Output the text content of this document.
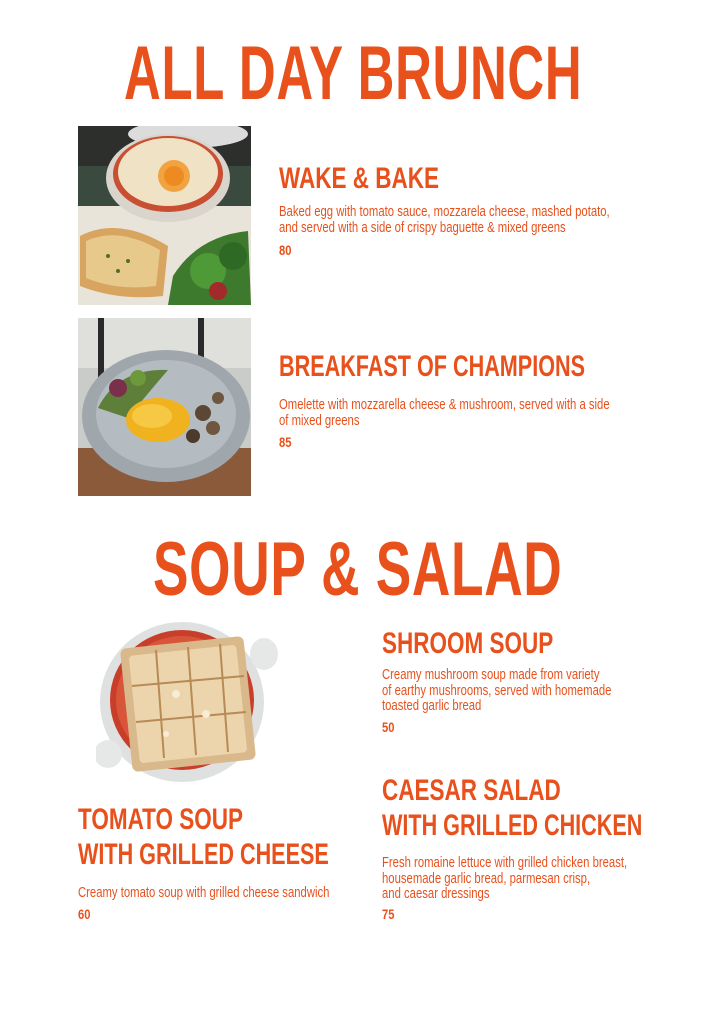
ALL DAY BRUNCH
WAKE & BAKE
Baked egg with tomato sauce, mozzarela cheese, mashed potato,
and served with a side of crispy baguette & mixed greens
80
BREAKFAST OF CHAMPIONS
Omelette with mozzarella cheese & mushroom, served with a side
of mixed greens
85
SOUP & SALAD
SHROOM SOUP
Creamy mushroom soup made from variety
of earthy mushrooms, served with homemade
toasted garlic bread
50
CAESAR SALAD
WITH GRILLED CHICKEN
Fresh romaine lettuce with grilled chicken breast,
housemade garlic bread, parmesan crisp,
and caesar dressings
75
TOMATO SOUP
WITH GRILLED CHEESE
Creamy tomato soup with grilled cheese sandwich
60
